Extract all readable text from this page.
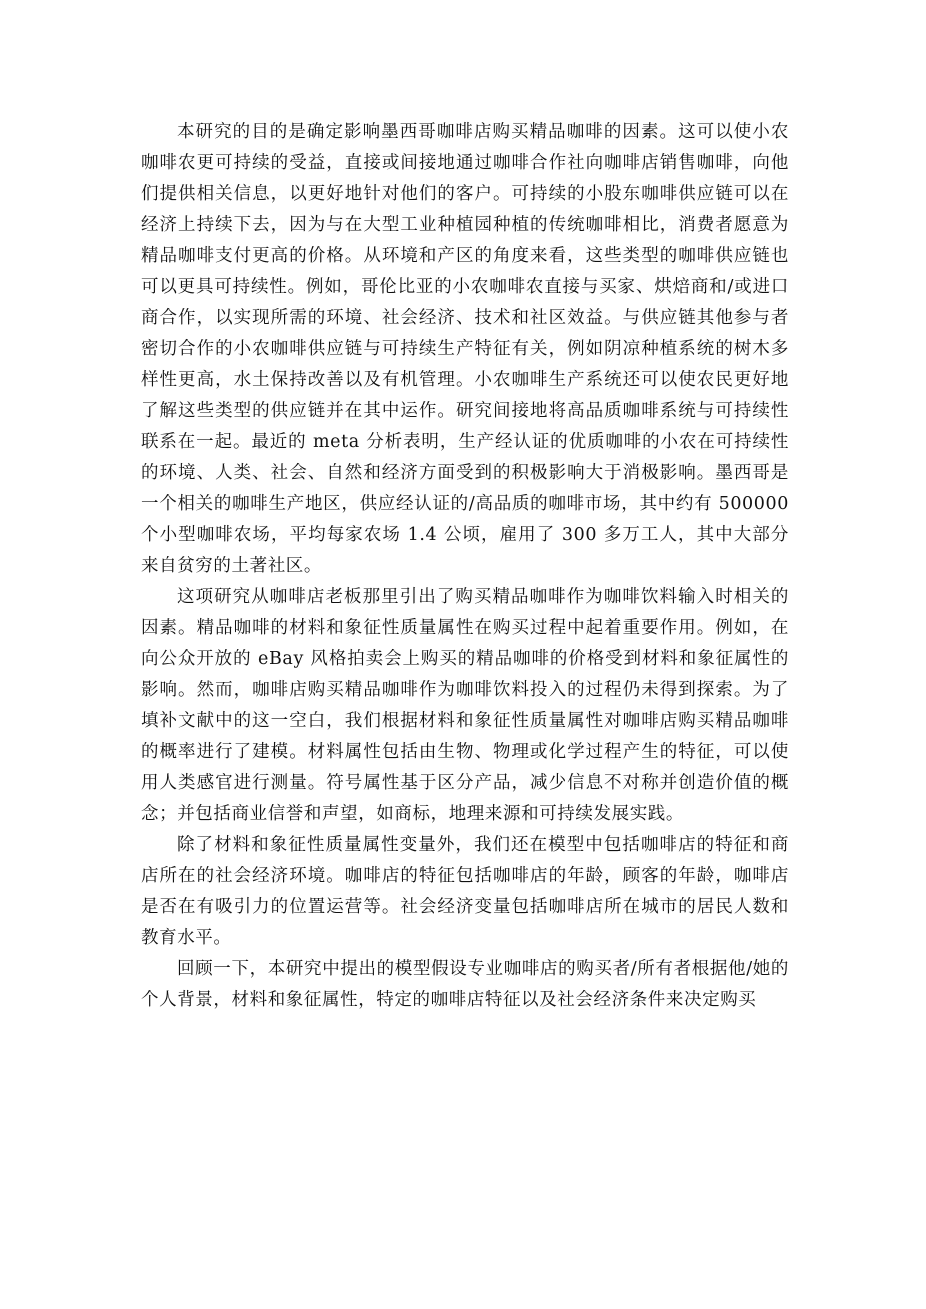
本研究的目的是确定影响墨西哥咖啡店购买精品咖啡的因素。这可以使小农咖啡农更可持续的受益，直接或间接地通过咖啡合作社向咖啡店销售咖啡，向他们提供相关信息，以更好地针对他们的客户。可持续的小股东咖啡供应链可以在经济上持续下去，因为与在大型工业种植园种植的传统咖啡相比，消费者愿意为精品咖啡支付更高的价格。从环境和产区的角度来看，这些类型的咖啡供应链也可以更具可持续性。例如，哥伦比亚的小农咖啡农直接与买家、烘焙商和/或进口商合作，以实现所需的环境、社会经济、技术和社区效益。与供应链其他参与者密切合作的小农咖啡供应链与可持续生产特征有关，例如阴凉种植系统的树木多样性更高，水土保持改善以及有机管理。小农咖啡生产系统还可以使农民更好地了解这些类型的供应链并在其中运作。研究间接地将高品质咖啡系统与可持续性联系在一起。最近的 meta 分析表明，生产经认证的优质咖啡的小农在可持续性的环境、人类、社会、自然和经济方面受到的积极影响大于消极影响。墨西哥是一个相关的咖啡生产地区，供应经认证的/高品质的咖啡市场，其中约有 500000 个小型咖啡农场，平均每家农场 1.4 公顷，雇用了 300 多万工人，其中大部分来自贫穷的土著社区。

这项研究从咖啡店老板那里引出了购买精品咖啡作为咖啡饮料输入时相关的因素。精品咖啡的材料和象征性质量属性在购买过程中起着重要作用。例如，在向公众开放的 eBay 风格拍卖会上购买的精品咖啡的价格受到材料和象征属性的影响。然而，咖啡店购买精品咖啡作为咖啡饮料投入的过程仍未得到探索。为了填补文献中的这一空白，我们根据材料和象征性质量属性对咖啡店购买精品咖啡的概率进行了建模。材料属性包括由生物、物理或化学过程产生的特征，可以使用人类感官进行测量。符号属性基于区分产品，减少信息不对称并创造价值的概念；并包括商业信誉和声望，如商标，地理来源和可持续发展实践。

除了材料和象征性质量属性变量外，我们还在模型中包括咖啡店的特征和商店所在的社会经济环境。咖啡店的特征包括咖啡店的年龄，顾客的年龄，咖啡店是否在有吸引力的位置运营等。社会经济变量包括咖啡店所在城市的居民人数和教育水平。

回顾一下，本研究中提出的模型假设专业咖啡店的购买者/所有者根据他/她的个人背景，材料和象征属性，特定的咖啡店特征以及社会经济条件来决定购买
